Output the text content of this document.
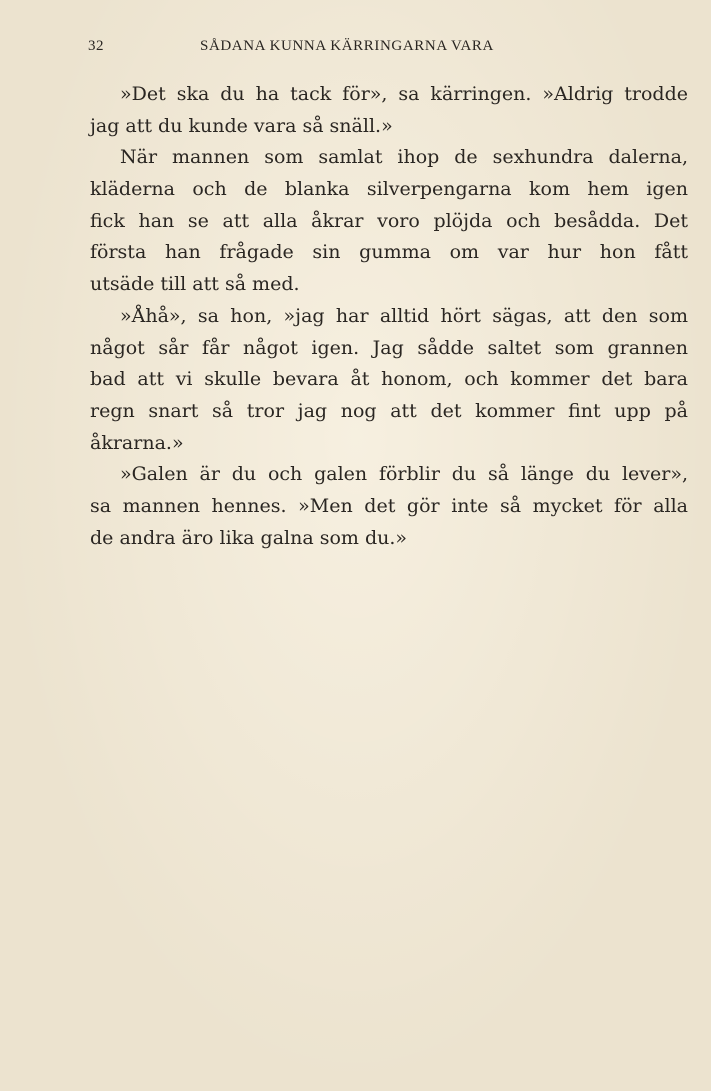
32	SÅDANA KUNNA KÄRRINGARNA VARA
»Det ska du ha tack för», sa kärringen. »Aldrig trodde
jag att du kunde vara så snäll.»
När mannen som samlat ihop de sexhundra dalerna,
kläderna och de blanka silverpengarna kom hem igen
fick han se att alla åkrar voro plöjda och besådda. Det
första han frågade sin gumma om var hur hon fått
utsäde till att så med.
»Åhå», sa hon, »jag har alltid hört sägas, att den som
något sår får något igen. Jag sådde saltet som grannen
bad att vi skulle bevara åt honom, och kommer det bara
regn snart så tror jag nog att det kommer fint upp på
åkrarna.»
»Galen är du och galen förblir du så länge du lever»,
sa mannen hennes. »Men det gör inte så mycket för alla
de andra äro lika galna som du.»
